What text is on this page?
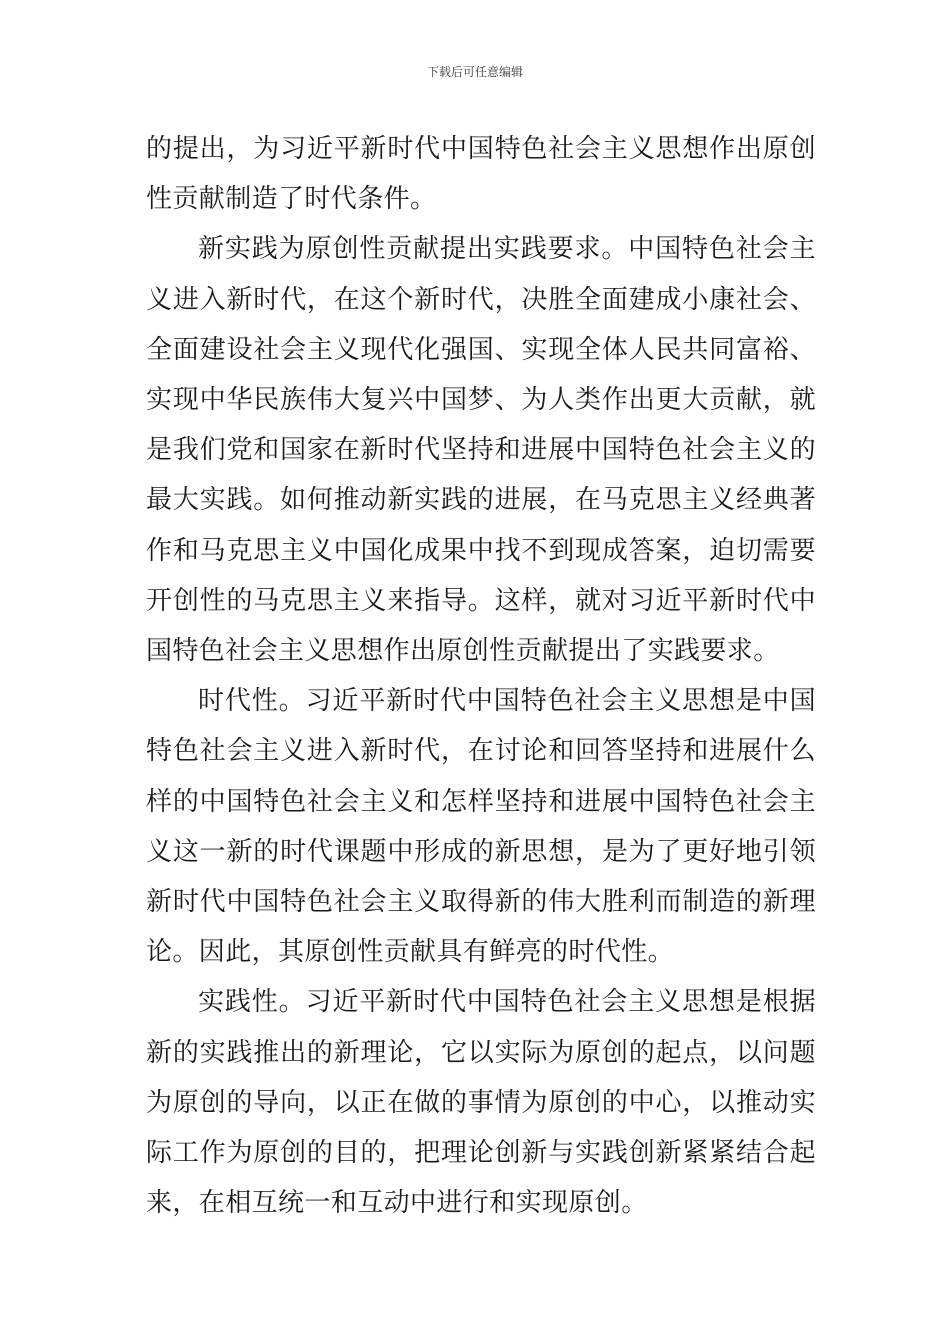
下载后可任意编辑

的提出，为习近平新时代中国特色社会主义思想作出原创性贡献制造了时代条件。

新实践为原创性贡献提出实践要求。中国特色社会主义进入新时代，在这个新时代，决胜全面建成小康社会、全面建设社会主义现代化强国、实现全体人民共同富裕、实现中华民族伟大复兴中国梦、为人类作出更大贡献，就是我们党和国家在新时代坚持和进展中国特色社会主义的最大实践。如何推动新实践的进展，在马克思主义经典著作和马克思主义中国化成果中找不到现成答案，迫切需要开创性的马克思主义来指导。这样，就对习近平新时代中国特色社会主义思想作出原创性贡献提出了实践要求。

时代性。习近平新时代中国特色社会主义思想是中国特色社会主义进入新时代，在讨论和回答坚持和进展什么样的中国特色社会主义和怎样坚持和进展中国特色社会主义这一新的时代课题中形成的新思想，是为了更好地引领新时代中国特色社会主义取得新的伟大胜利而制造的新理论。因此，其原创性贡献具有鲜亮的时代性。

实践性。习近平新时代中国特色社会主义思想是根据新的实践推出的新理论，它以实际为原创的起点，以问题为原创的导向，以正在做的事情为原创的中心，以推动实际工作为原创的目的，把理论创新与实践创新紧紧结合起来，在相互统一和互动中进行和实现原创。
